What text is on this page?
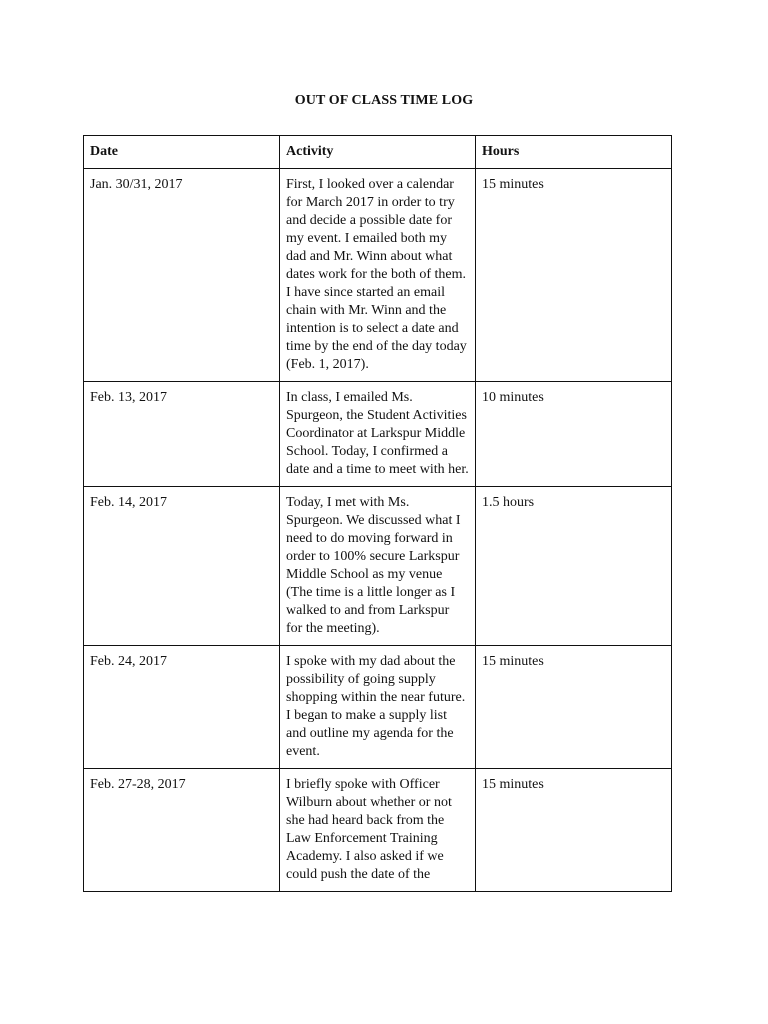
OUT OF CLASS TIME LOG
Date	Activity	Hours
Jan. 30/31, 2017	First, I looked over a calendar for March 2017 in order to try and decide a possible date for my event. I emailed both my dad and Mr. Winn about what dates work for the both of them. I have since started an email chain with Mr. Winn and the intention is to select a date and time by the end of the day today (Feb. 1, 2017).	15 minutes
Feb. 13, 2017	In class, I emailed Ms. Spurgeon, the Student Activities Coordinator at Larkspur Middle School. Today, I confirmed a date and a time to meet with her.	10 minutes
Feb. 14, 2017	Today, I met with Ms. Spurgeon. We discussed what I need to do moving forward in order to 100% secure Larkspur Middle School as my venue (The time is a little longer as I walked to and from Larkspur for the meeting).	1.5 hours
Feb. 24, 2017	I spoke with my dad about the possibility of going supply shopping within the near future. I began to make a supply list and outline my agenda for the event.	15 minutes
Feb. 27-28, 2017	I briefly spoke with Officer Wilburn about whether or not she had heard back from the Law Enforcement Training Academy. I also asked if we could push the date of the	15 minutes
